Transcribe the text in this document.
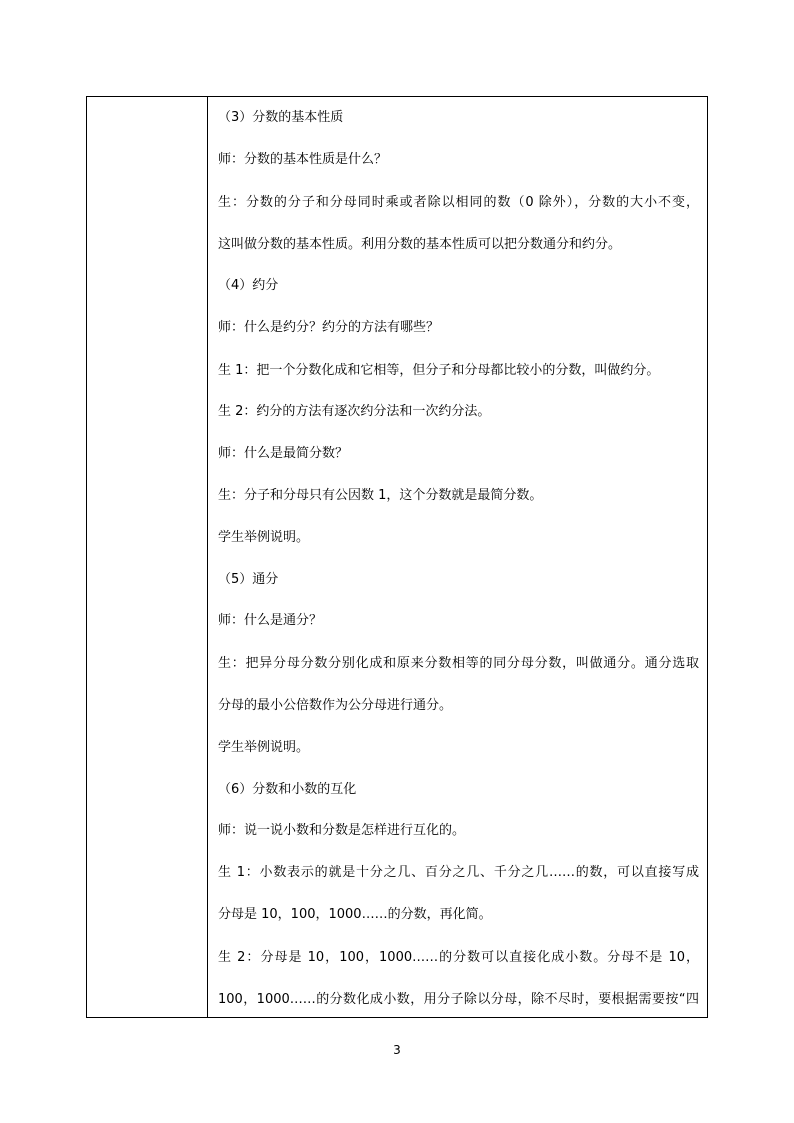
（3）分数的基本性质
师：分数的基本性质是什么？
生：分数的分子和分母同时乘或者除以相同的数（0 除外），分数的大小不变，
这叫做分数的基本性质。利用分数的基本性质可以把分数通分和约分。
（4）约分
师：什么是约分？约分的方法有哪些？
生 1：把一个分数化成和它相等，但分子和分母都比较小的分数，叫做约分。
生 2：约分的方法有逐次约分法和一次约分法。
师：什么是最简分数？
生：分子和分母只有公因数 1，这个分数就是最简分数。
学生举例说明。
（5）通分
师：什么是通分？
生：把异分母分数分别化成和原来分数相等的同分母分数，叫做通分。通分选取
分母的最小公倍数作为公分母进行通分。
学生举例说明。
（6）分数和小数的互化
师：说一说小数和分数是怎样进行互化的。
生 1：小数表示的就是十分之几、百分之几、千分之几……的数，可以直接写成
分母是 10，100，1000……的分数，再化简。
生 2：分母是 10，100，1000……的分数可以直接化成小数。分母不是 10，
100，1000……的分数化成小数，用分子除以分母，除不尽时，要根据需要按“四
3
